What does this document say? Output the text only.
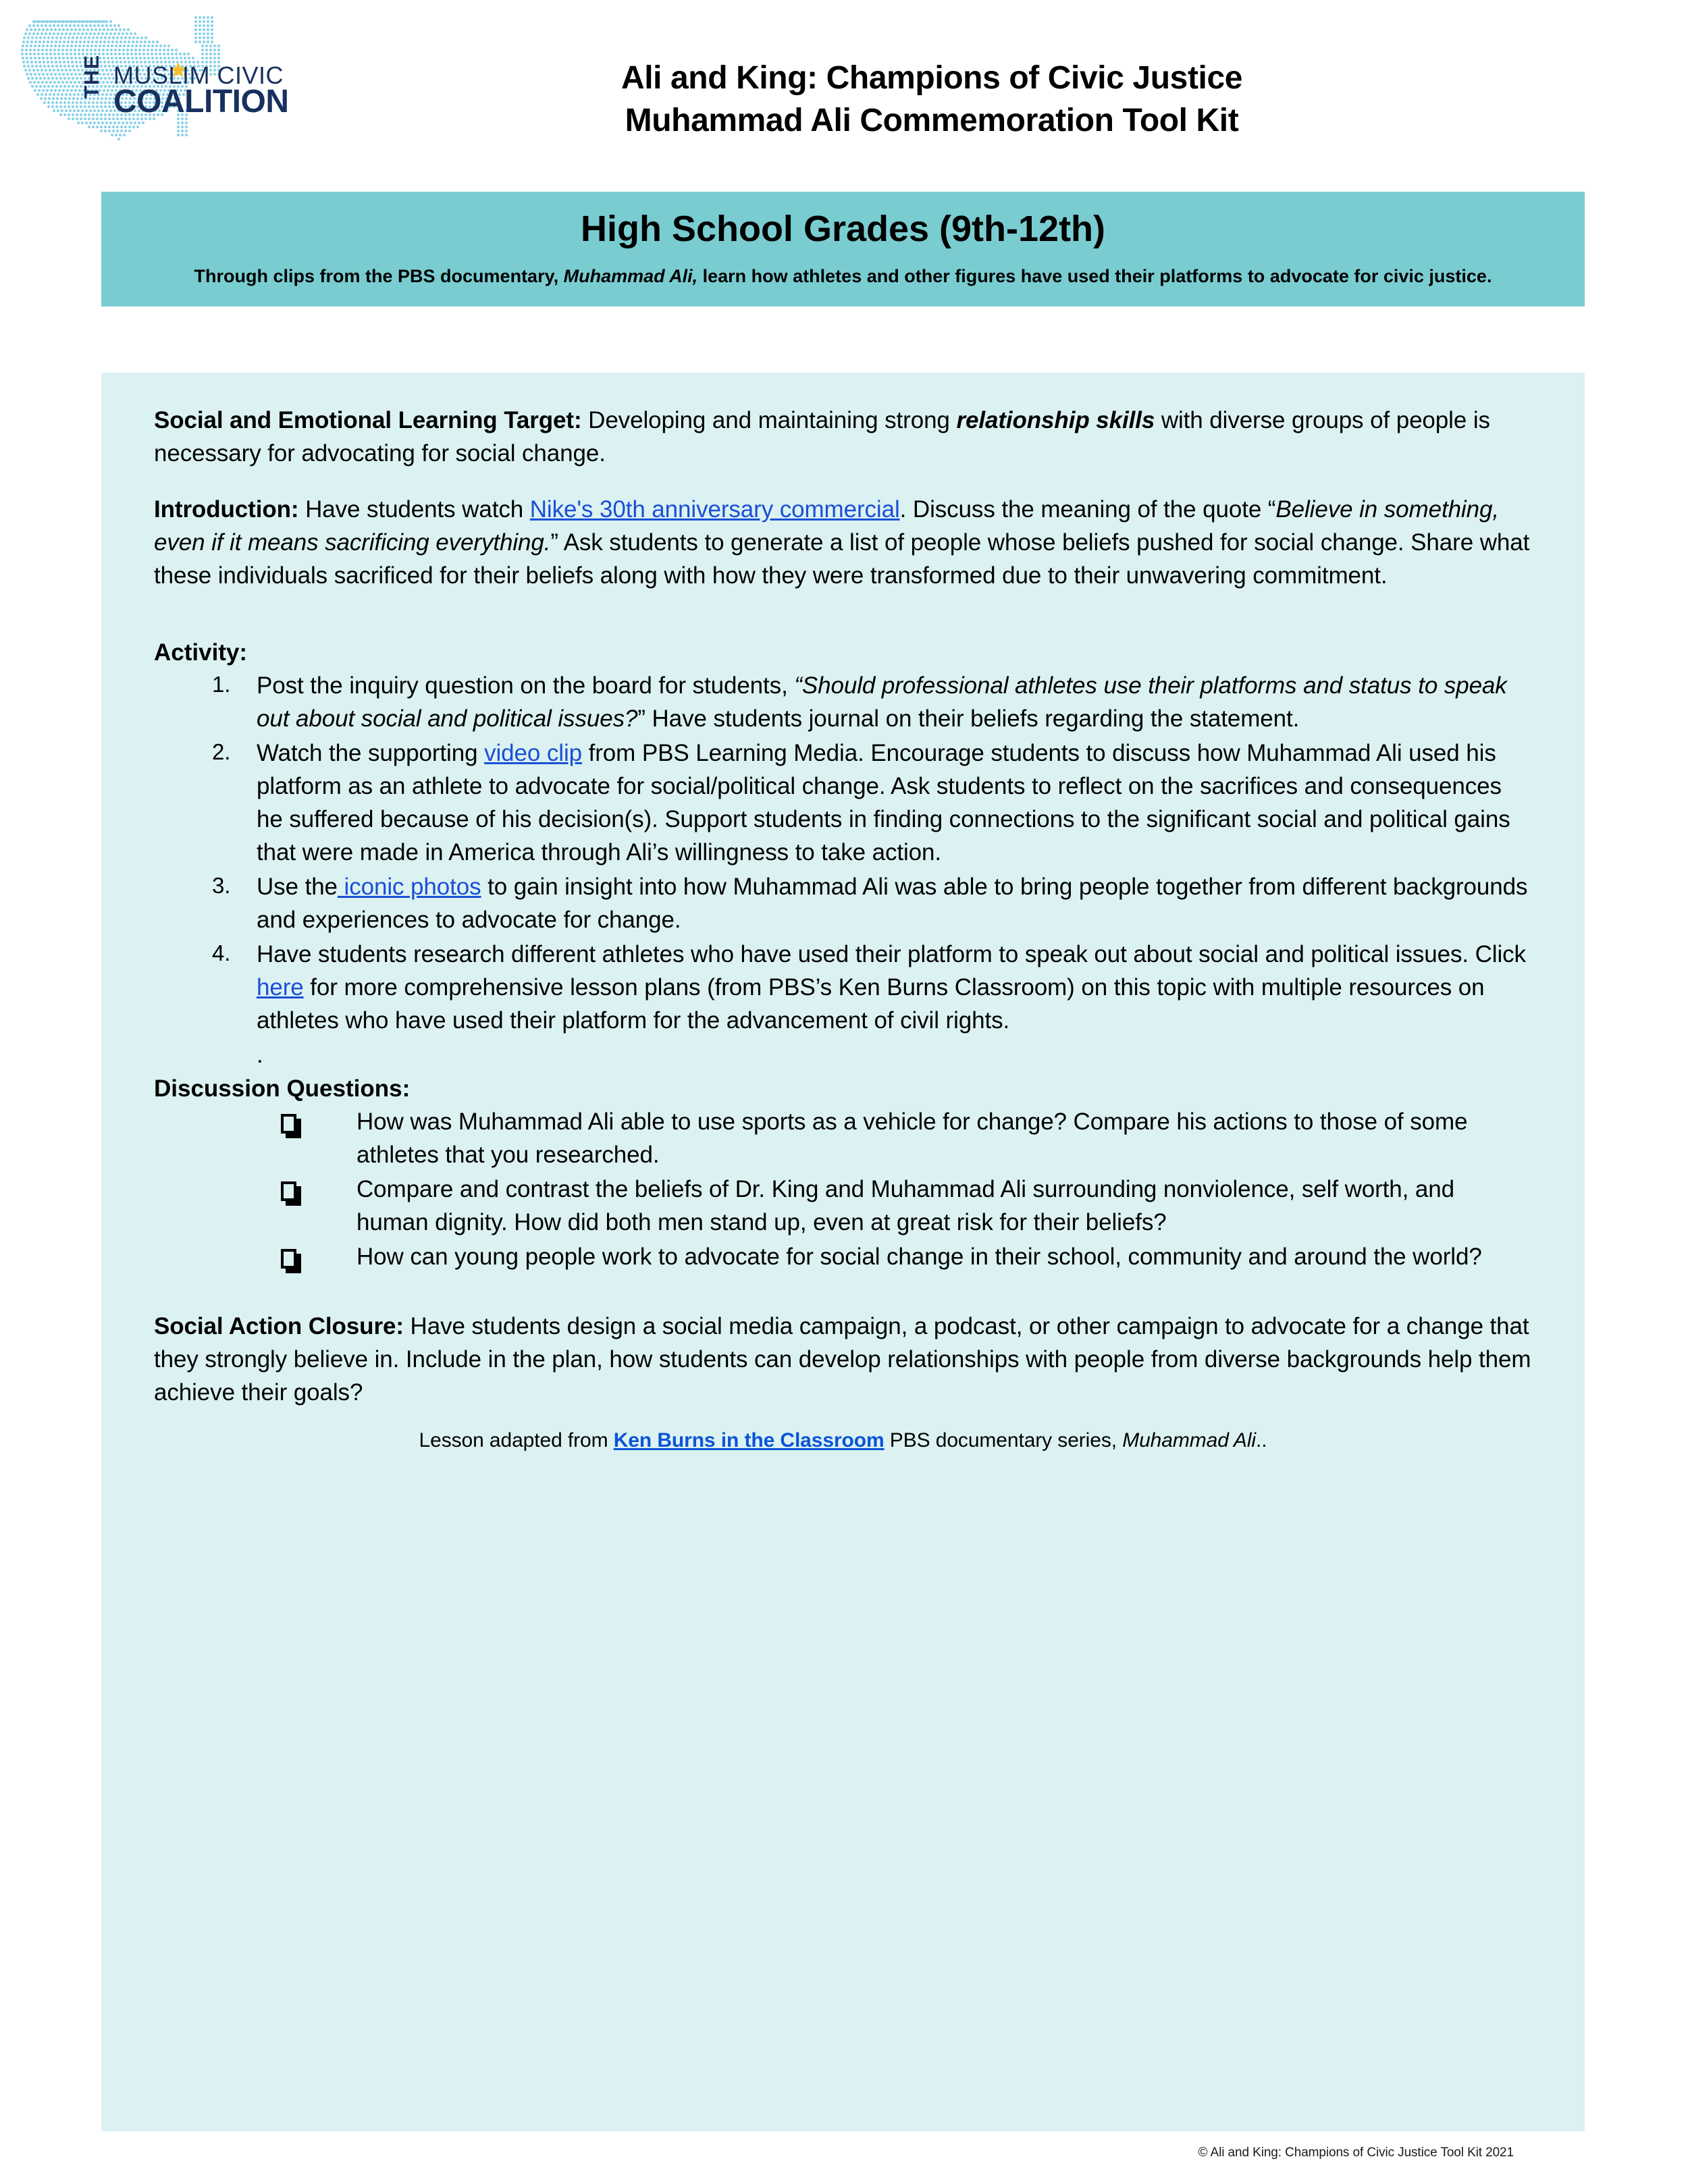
THE MUSLIM CIVIC
COALITION
Ali and King: Champions of Civic Justice
Muhammad Ali Commemoration Tool Kit
High School Grades (9th-12th)
Through clips from the PBS documentary, Muhammad Ali, learn how athletes and other figures have used their platforms to advocate for civic justice.

Social and Emotional Learning Target: Developing and maintaining strong relationship skills with diverse groups of people is necessary for advocating for social change.

Introduction: Have students watch Nike's 30th anniversary commercial. Discuss the meaning of the quote “Believe in something, even if it means sacrificing everything.” Ask students to generate a list of people whose beliefs pushed for social change. Share what these individuals sacrificed for their beliefs along with how they were transformed due to their unwavering commitment.

Activity:
Post the inquiry question on the board for students, “Should professional athletes use their platforms and status to speak out about social and political issues?” Have students journal on their beliefs regarding the statement.
Watch the supporting video clip from PBS Learning Media. Encourage students to discuss how Muhammad Ali used his platform as an athlete to advocate for social/political change. Ask students to reflect on the sacrifices and consequences he suffered because of his decision(s). Support students in finding connections to the significant social and political gains that were made in America through Ali’s willingness to take action.
Use the iconic photos to gain insight into how Muhammad Ali was able to bring people together from different backgrounds and experiences to advocate for change.
Have students research different athletes who have used their platform to speak out about social and political issues. Click here for more comprehensive lesson plans (from PBS’s Ken Burns Classroom) on this topic with multiple resources on athletes who have used their platform for the advancement of civil rights.
.
Discussion Questions:
How was Muhammad Ali able to use sports as a vehicle for change? Compare his actions to those of some athletes that you researched.
Compare and contrast the beliefs of Dr. King and Muhammad Ali surrounding nonviolence, self worth, and human dignity. How did both men stand up, even at great risk for their beliefs?
How can young people work to advocate for social change in their school, community and around the world?

Social Action Closure: Have students design a social media campaign, a podcast, or other campaign to advocate for a change that they strongly believe in. Include in the plan, how students can develop relationships with people from diverse backgrounds help them achieve their goals?

Lesson adapted from Ken Burns in the Classroom PBS documentary series, Muhammad Ali..

© Ali and King: Champions of Civic Justice Tool Kit 2021
